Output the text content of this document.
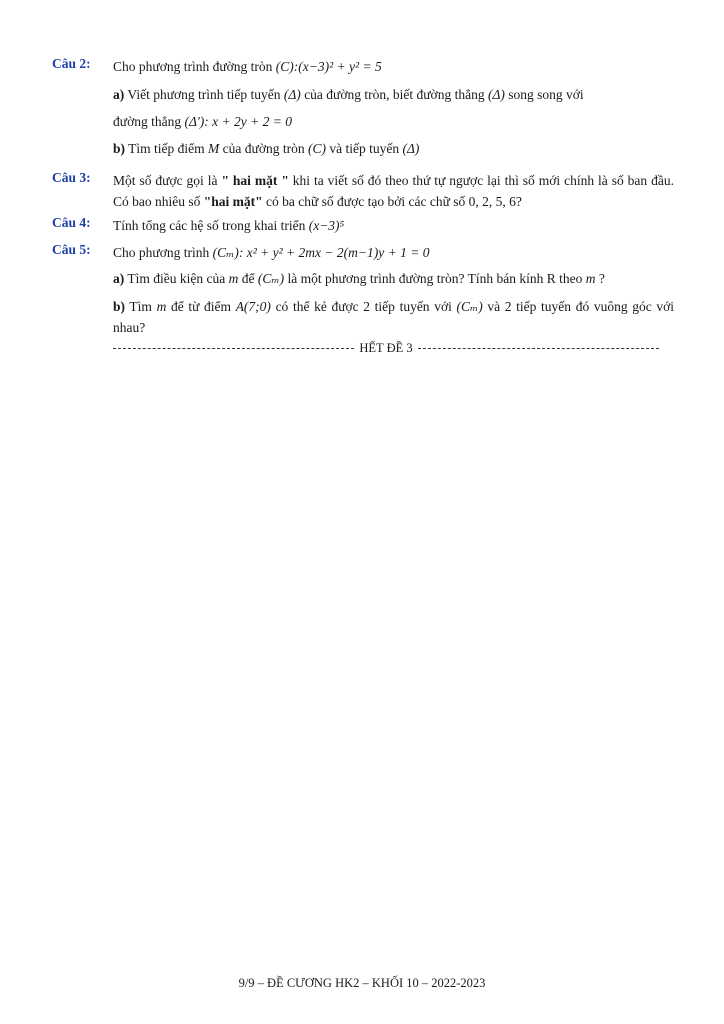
Câu 2:	Cho phương trình đường tròn (C):(x−3)² + y² = 5
a) Viết phương trình tiếp tuyến (Δ) của đường tròn, biết đường thẳng (Δ) song song với
đường thẳng (Δ'): x + 2y + 2 = 0
b) Tìm tiếp điểm M của đường tròn (C) và tiếp tuyến (Δ)
Câu 3:	Một số được gọi là " hai mặt " khi ta viết số đó theo thứ tự ngược lại thì số mới chính là số ban đầu. Có bao nhiêu số "hai mặt" có ba chữ số được tạo bởi các chữ số 0, 2, 5, 6?
Câu 4:	Tính tổng các hệ số trong khai triển (x−3)⁵
Câu 5:	Cho phương trình (Cₘ): x² + y² + 2mx − 2(m−1)y + 1 = 0
a) Tìm điều kiện của m để (Cₘ) là một phương trình đường tròn? Tính bán kính R theo m ?
b) Tìm m để từ điểm A(7;0) có thể kẻ được 2 tiếp tuyến với (Cₘ) và 2 tiếp tuyến đó vuông góc với nhau?
HẾT ĐỀ 3
9/9 – ĐỀ CƯƠNG HK2 – KHỐI 10 – 2022-2023
